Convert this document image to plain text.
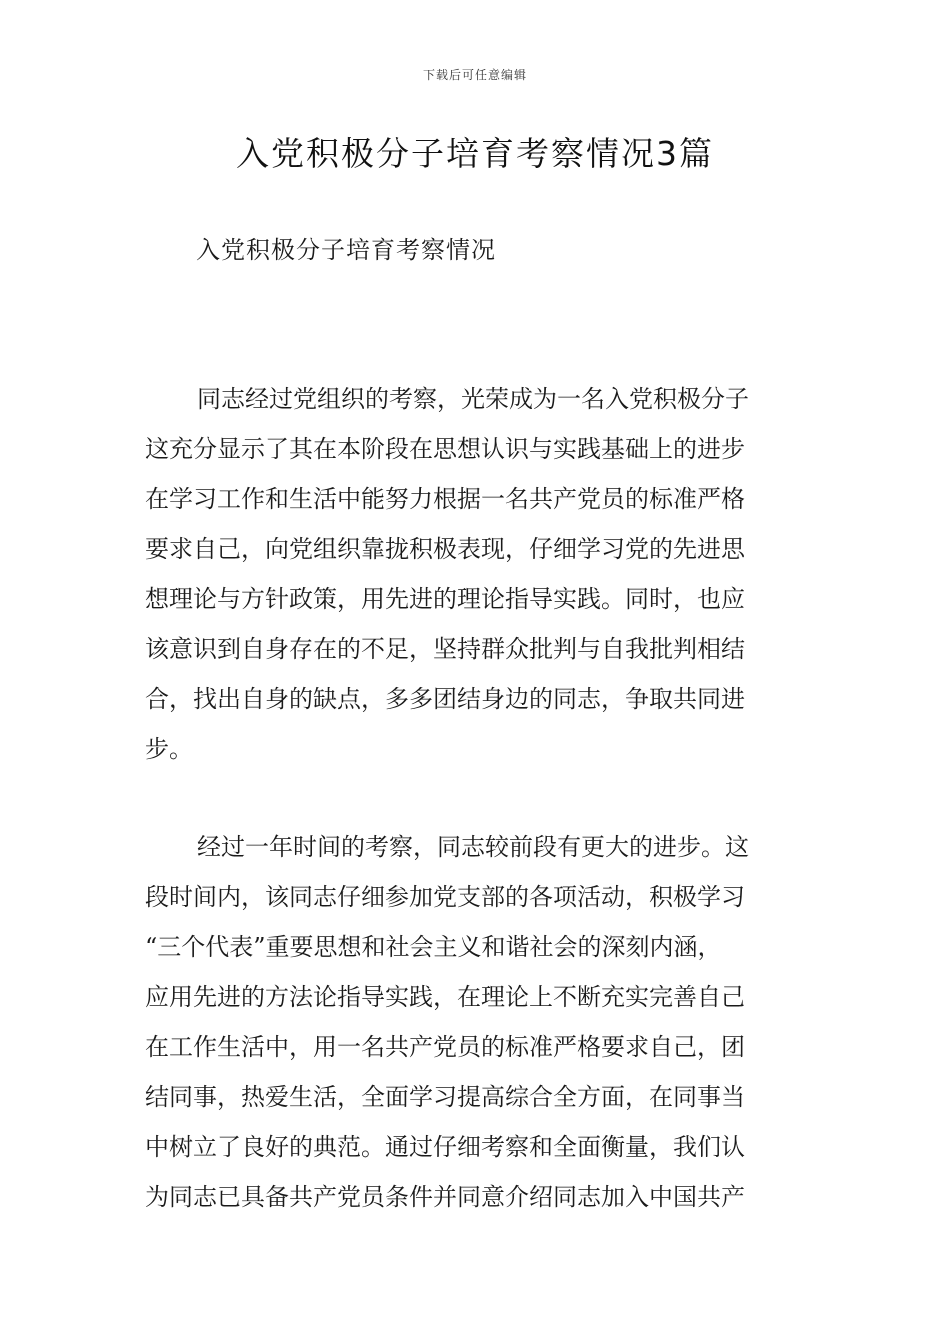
下载后可任意编辑
入党积极分子培育考察情况3篇

入党积极分子培育考察情况

同志经过党组织的考察，光荣成为一名入党积极分子
这充分显示了其在本阶段在思想认识与实践基础上的进步
在学习工作和生活中能努力根据一名共产党员的标准严格
要求自己，向党组织靠拢积极表现，仔细学习党的先进思
想理论与方针政策，用先进的理论指导实践。同时，也应
该意识到自身存在的不足，坚持群众批判与自我批判相结
合，找出自身的缺点，多多团结身边的同志，争取共同进
步。
经过一年时间的考察，同志较前段有更大的进步。这
段时间内，该同志仔细参加党支部的各项活动，积极学习
“三个代表”重要思想和社会主义和谐社会的深刻内涵，
应用先进的方法论指导实践，在理论上不断充实完善自己
在工作生活中，用一名共产党员的标准严格要求自己，团
结同事，热爱生活，全面学习提高综合全方面，在同事当
中树立了良好的典范。通过仔细考察和全面衡量，我们认
为同志已具备共产党员条件并同意介绍同志加入中国共产
